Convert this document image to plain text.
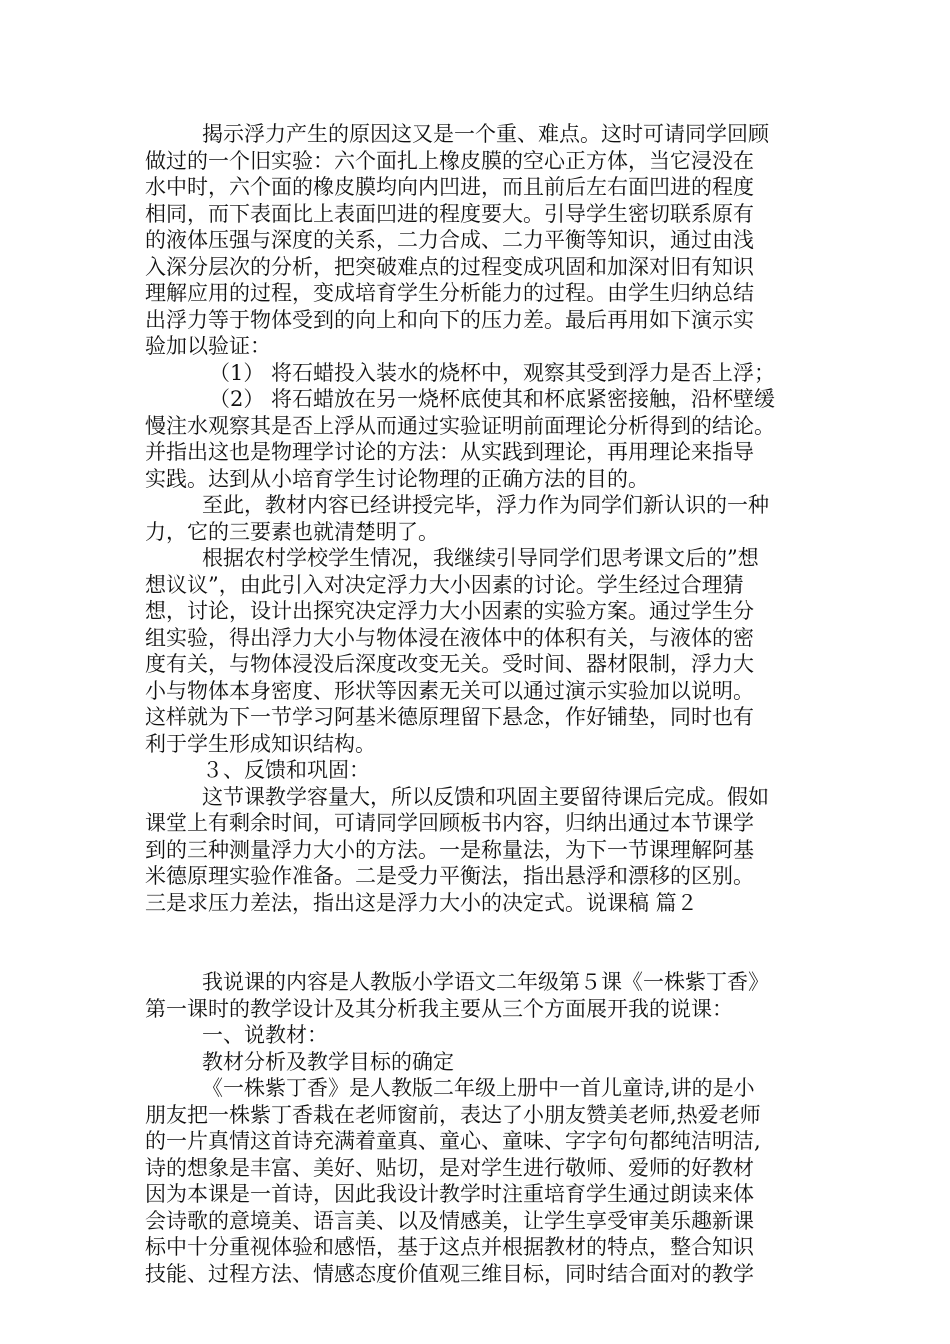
揭示浮力产生的原因这又是一个重、难点。这时可请同学回顾
做过的一个旧实验：六个面扎上橡皮膜的空心正方体，当它浸没在
水中时，六个面的橡皮膜均向内凹进，而且前后左右面凹进的程度
相同，而下表面比上表面凹进的程度要大。引导学生密切联系原有
的液体压强与深度的关系，二力合成、二力平衡等知识，通过由浅
入深分层次的分析，把突破难点的过程变成巩固和加深对旧有知识
理解应用的过程，变成培育学生分析能力的过程。由学生归纳总结
出浮力等于物体受到的向上和向下的压力差。最后再用如下演示实
验加以验证：
（1） 将石蜡投入装水的烧杯中，观察其受到浮力是否上浮；
（2） 将石蜡放在另一烧杯底使其和杯底紧密接触，沿杯壁缓
慢注水观察其是否上浮从而通过实验证明前面理论分析得到的结论。
并指出这也是物理学讨论的方法：从实践到理论，再用理论来指导
实践。达到从小培育学生讨论物理的正确方法的目的。
至此，教材内容已经讲授完毕，浮力作为同学们新认识的一种
力，它的三要素也就清楚明了。
根据农村学校学生情况，我继续引导同学们思考课文后的”想
想议议”，由此引入对决定浮力大小因素的讨论。学生经过合理猜
想，讨论，设计出探究决定浮力大小因素的实验方案。通过学生分
组实验，得出浮力大小与物体浸在液体中的体积有关，与液体的密
度有关，与物体浸没后深度改变无关。受时间、器材限制，浮力大
小与物体本身密度、形状等因素无关可以通过演示实验加以说明。
这样就为下一节学习阿基米德原理留下悬念，作好铺垫，同时也有
利于学生形成知识结构。
３、反馈和巩固：
这节课教学容量大，所以反馈和巩固主要留待课后完成。假如
课堂上有剩余时间，可请同学回顾板书内容，归纳出通过本节课学
到的三种测量浮力大小的方法。一是称量法，为下一节课理解阿基
米德原理实验作准备。二是受力平衡法，指出悬浮和漂移的区别。
三是求压力差法，指出这是浮力大小的决定式。说课稿 篇２
我说课的内容是人教版小学语文二年级第５课《一株紫丁香》
第一课时的教学设计及其分析我主要从三个方面展开我的说课：
一、说教材：
教材分析及教学目标的确定
《一株紫丁香》是人教版二年级上册中一首儿童诗,讲的是小
朋友把一株紫丁香栽在老师窗前，表达了小朋友赞美老师,热爱老师
的一片真情这首诗充满着童真、童心、童味、字字句句都纯洁明洁,
诗的想象是丰富、美好、贴切，是对学生进行敬师、爱师的好教材
因为本课是一首诗，因此我设计教学时注重培育学生通过朗读来体
会诗歌的意境美、语言美、以及情感美，让学生享受审美乐趣新课
标中十分重视体验和感悟，基于这点并根据教材的特点，整合知识
技能、过程方法、情感态度价值观三维目标，同时结合面对的教学
